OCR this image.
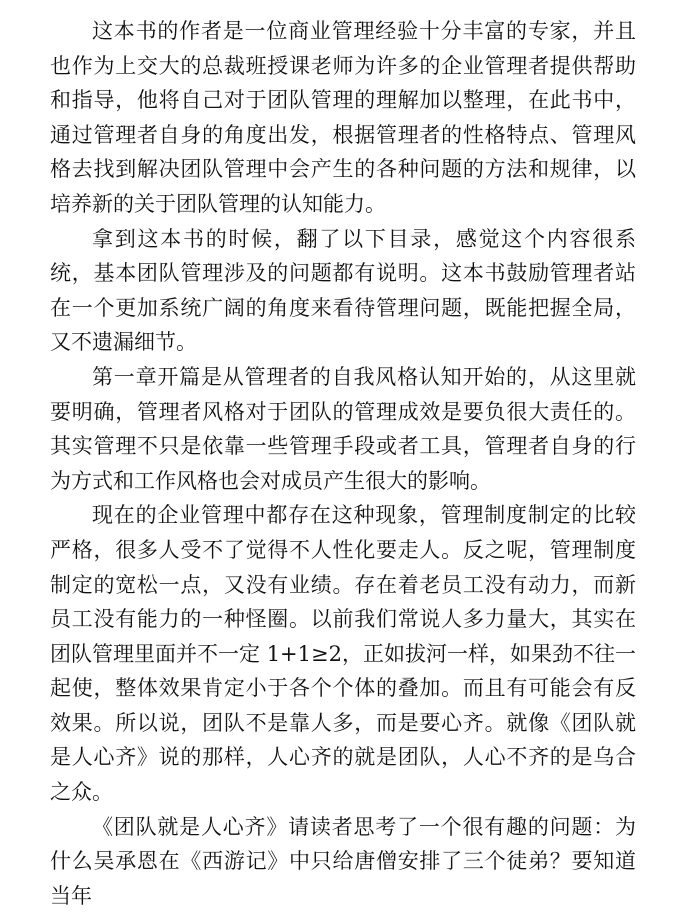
这本书的作者是一位商业管理经验十分丰富的专家，并且也作为上交大的总裁班授课老师为许多的企业管理者提供帮助和指导，他将自己对于团队管理的理解加以整理，在此书中，通过管理者自身的角度出发，根据管理者的性格特点、管理风格去找到解决团队管理中会产生的各种问题的方法和规律，以培养新的关于团队管理的认知能力。

拿到这本书的时候，翻了以下目录，感觉这个内容很系统，基本团队管理涉及的问题都有说明。这本书鼓励管理者站在一个更加系统广阔的角度来看待管理问题，既能把握全局，又不遗漏细节。

第一章开篇是从管理者的自我风格认知开始的，从这里就要明确，管理者风格对于团队的管理成效是要负很大责任的。其实管理不只是依靠一些管理手段或者工具，管理者自身的行为方式和工作风格也会对成员产生很大的影响。

现在的企业管理中都存在这种现象，管理制度制定的比较严格，很多人受不了觉得不人性化要走人。反之呢，管理制度制定的宽松一点，又没有业绩。存在着老员工没有动力，而新员工没有能力的一种怪圈。以前我们常说人多力量大，其实在团队管理里面并不一定 1+1≥2，正如拔河一样，如果劲不往一起使，整体效果肯定小于各个个体的叠加。而且有可能会有反效果。所以说，团队不是靠人多，而是要心齐。就像《团队就是人心齐》说的那样，人心齐的就是团队，人心不齐的是乌合之众。

《团队就是人心齐》请读者思考了一个很有趣的问题：为什么吴承恩在《西游记》中只给唐僧安排了三个徒弟？要知道当年
